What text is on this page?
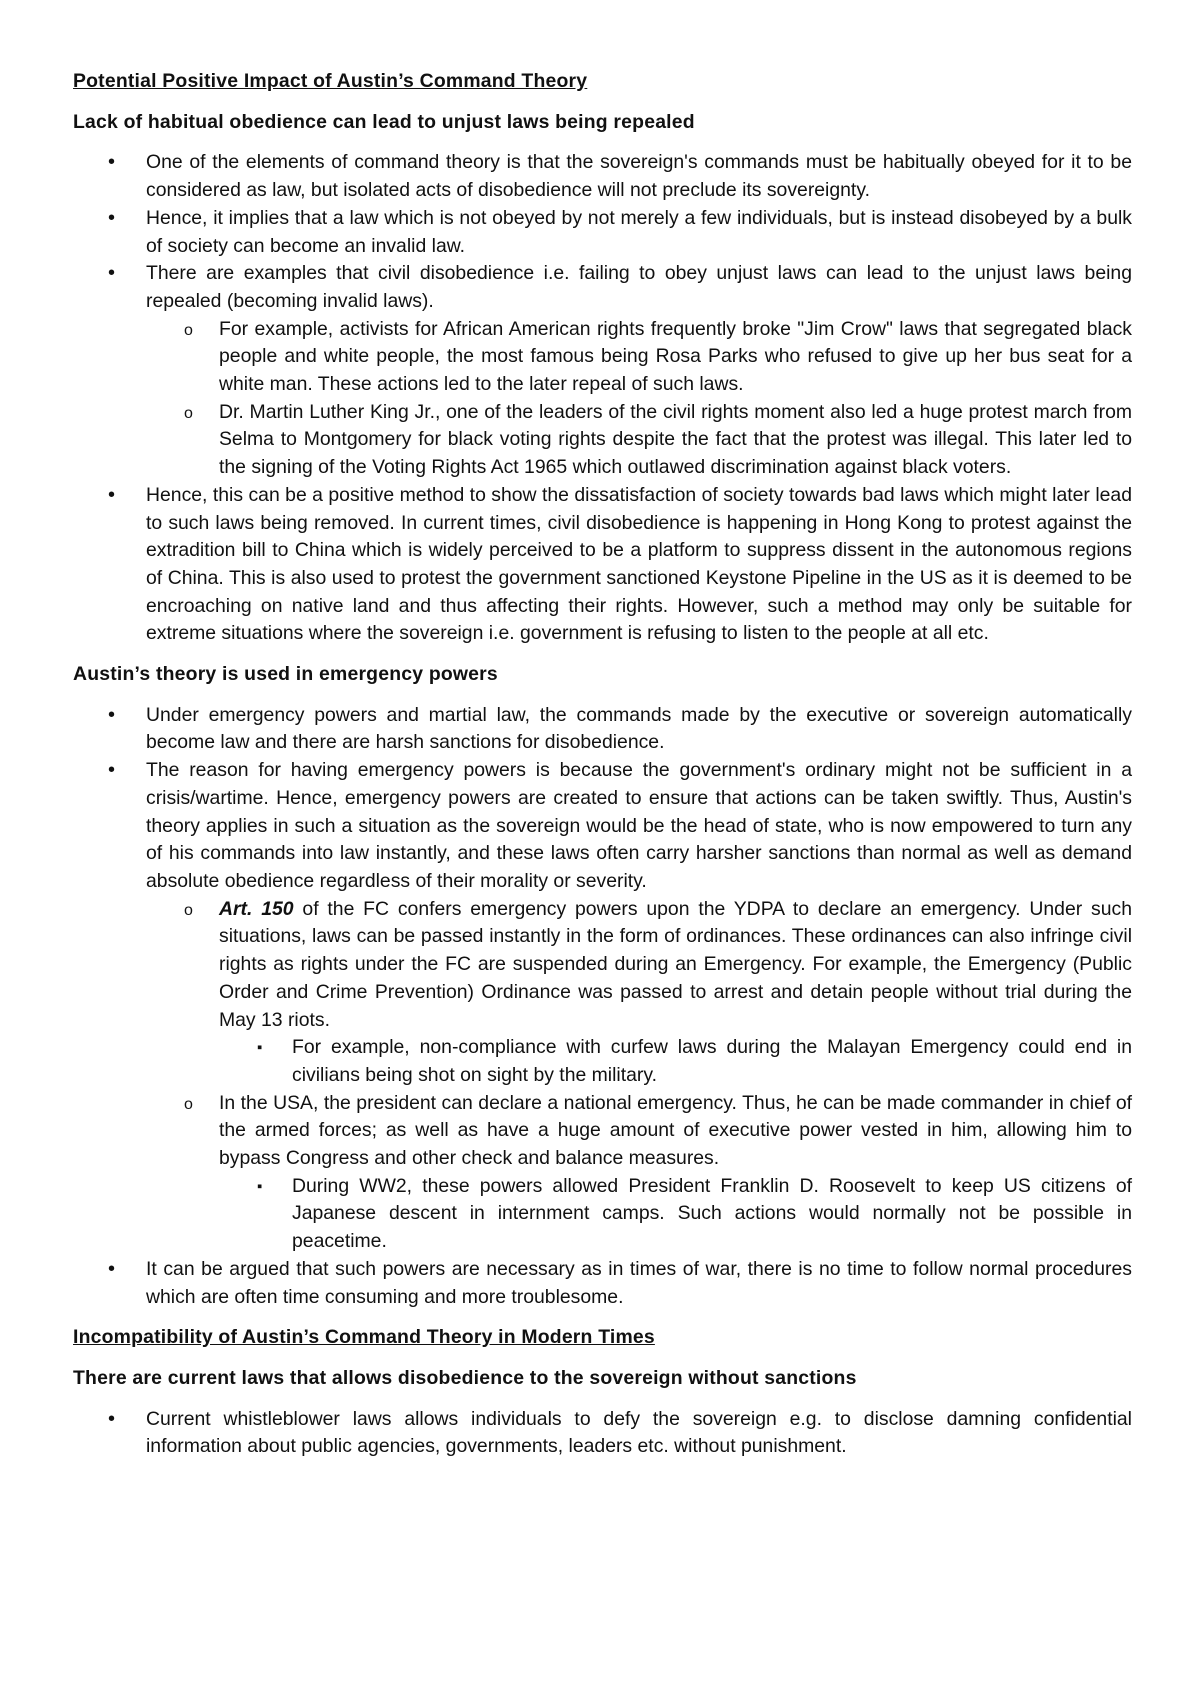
Potential Positive Impact of Austin’s Command Theory
Lack of habitual obedience can lead to unjust laws being repealed
• One of the elements of command theory is that the sovereign's commands must be habitually obeyed for it to be considered as law, but isolated acts of disobedience will not preclude its sovereignty.
• Hence, it implies that a law which is not obeyed by not merely a few individuals, but is instead disobeyed by a bulk of society can become an invalid law.
• There are examples that civil disobedience i.e. failing to obey unjust laws can lead to the unjust laws being repealed (becoming invalid laws).
o For example, activists for African American rights frequently broke "Jim Crow" laws that segregated black people and white people, the most famous being Rosa Parks who refused to give up her bus seat for a white man. These actions led to the later repeal of such laws.
o Dr. Martin Luther King Jr., one of the leaders of the civil rights moment also led a huge protest march from Selma to Montgomery for black voting rights despite the fact that the protest was illegal. This later led to the signing of the Voting Rights Act 1965 which outlawed discrimination against black voters.
• Hence, this can be a positive method to show the dissatisfaction of society towards bad laws which might later lead to such laws being removed. In current times, civil disobedience is happening in Hong Kong to protest against the extradition bill to China which is widely perceived to be a platform to suppress dissent in the autonomous regions of China. This is also used to protest the government sanctioned Keystone Pipeline in the US as it is deemed to be encroaching on native land and thus affecting their rights. However, such a method may only be suitable for extreme situations where the sovereign i.e. government is refusing to listen to the people at all etc.
Austin’s theory is used in emergency powers
• Under emergency powers and martial law, the commands made by the executive or sovereign automatically become law and there are harsh sanctions for disobedience.
• The reason for having emergency powers is because the government's ordinary might not be sufficient in a crisis/wartime. Hence, emergency powers are created to ensure that actions can be taken swiftly. Thus, Austin's theory applies in such a situation as the sovereign would be the head of state, who is now empowered to turn any of his commands into law instantly, and these laws often carry harsher sanctions than normal as well as demand absolute obedience regardless of their morality or severity.
o Art. 150 of the FC confers emergency powers upon the YDPA to declare an emergency. Under such situations, laws can be passed instantly in the form of ordinances. These ordinances can also infringe civil rights as rights under the FC are suspended during an Emergency. For example, the Emergency (Public Order and Crime Prevention) Ordinance was passed to arrest and detain people without trial during the May 13 riots.
▪ For example, non-compliance with curfew laws during the Malayan Emergency could end in civilians being shot on sight by the military.
o In the USA, the president can declare a national emergency. Thus, he can be made commander in chief of the armed forces; as well as have a huge amount of executive power vested in him, allowing him to bypass Congress and other check and balance measures.
▪ During WW2, these powers allowed President Franklin D. Roosevelt to keep US citizens of Japanese descent in internment camps. Such actions would normally not be possible in peacetime.
• It can be argued that such powers are necessary as in times of war, there is no time to follow normal procedures which are often time consuming and more troublesome.
Incompatibility of Austin’s Command Theory in Modern Times
There are current laws that allows disobedience to the sovereign without sanctions
• Current whistleblower laws allows individuals to defy the sovereign e.g. to disclose damning confidential information about public agencies, governments, leaders etc. without punishment.
